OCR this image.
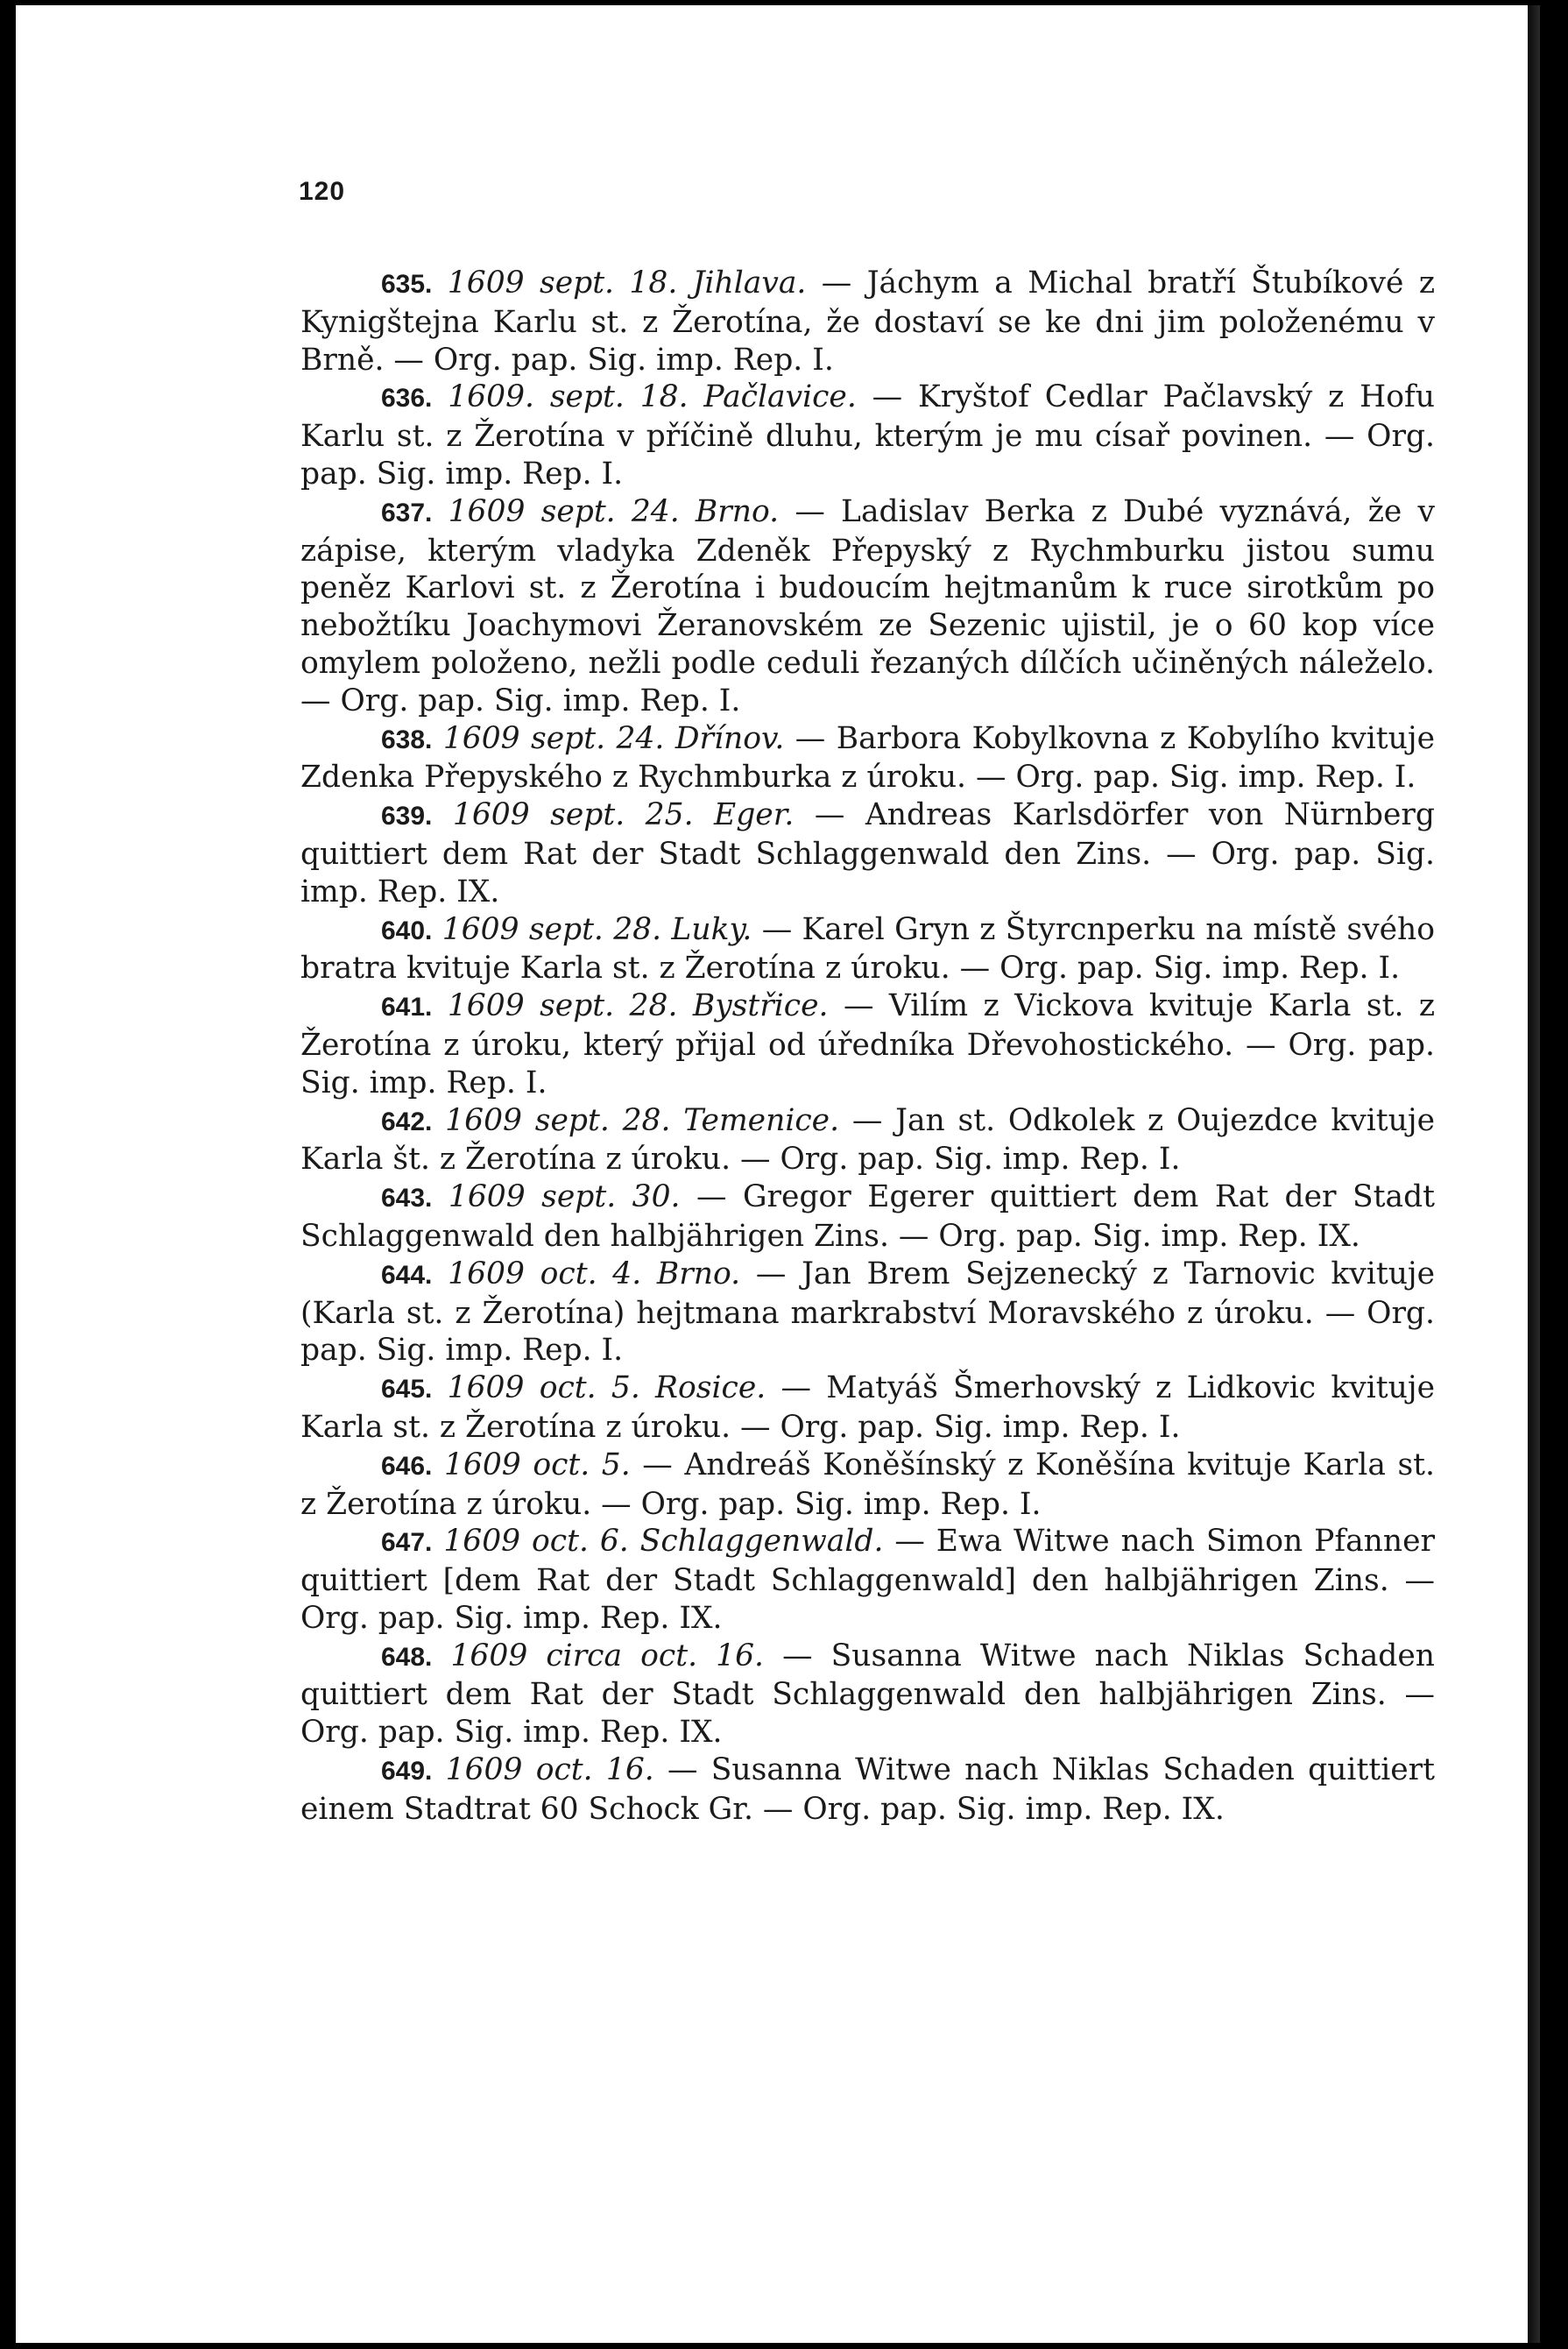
120

635. 1609 sept. 18. Jihlava. — Jáchym a Michal bratří Štubíkové z Kynigštejna Karlu st. z Žerotína, že dostaví se ke dni jim položenému v Brně. — Org. pap. Sig. imp. Rep. I.

636. 1609. sept. 18. Pačlavice. — Kryštof Cedlar Pačlavský z Hofu Karlu st. z Žerotína v příčině dluhu, kterým je mu císař povinen. — Org. pap. Sig. imp. Rep. I.

637. 1609 sept. 24. Brno. — Ladislav Berka z Dubé vyznává, že v zápise, kterým vladyka Zdeněk Přepyský z Rychmburku jistou sumu peněz Karlovi st. z Žerotína i budoucím hejtmanům k ruce sirotkům po nebožtíku Joachymovi Žeranovském ze Sezenic ujistil, je o 60 kop více omylem položeno, nežli podle ceduli řezaných dílčích učiněných náleželo. — Org. pap. Sig. imp. Rep. I.

638. 1609 sept. 24. Dřínov. — Barbora Kobylkovna z Kobylího kvituje Zdenka Přepyského z Rychmburka z úroku. — Org. pap. Sig. imp. Rep. I.

639. 1609 sept. 25. Eger. — Andreas Karlsdörfer von Nürnberg quittiert dem Rat der Stadt Schlaggenwald den Zins. — Org. pap. Sig. imp. Rep. IX.

640. 1609 sept. 28. Luky. — Karel Gryn z Štyrcnperku na místě svého bratra kvituje Karla st. z Žerotína z úroku. — Org. pap. Sig. imp. Rep. I.

641. 1609 sept. 28. Bystřice. — Vilím z Vickova kvituje Karla st. z Žerotína z úroku, který přijal od úředníka Dřevohostického. — Org. pap. Sig. imp. Rep. I.

642. 1609 sept. 28. Temenice. — Jan st. Odkolek z Oujezdce kvituje Karla št. z Žerotína z úroku. — Org. pap. Sig. imp. Rep. I.

643. 1609 sept. 30. — Gregor Egerer quittiert dem Rat der Stadt Schlaggenwald den halbjährigen Zins. — Org. pap. Sig. imp. Rep. IX.

644. 1609 oct. 4. Brno. — Jan Brem Sejzenecký z Tarnovic kvituje (Karla st. z Žerotína) hejtmana markrabství Moravského z úroku. — Org. pap. Sig. imp. Rep. I.

645. 1609 oct. 5. Rosice. — Matyáš Šmerhovský z Lidkovic kvituje Karla st. z Žerotína z úroku. — Org. pap. Sig. imp. Rep. I.

646. 1609 oct. 5. — Andreáš Koněšínský z Koněšína kvituje Karla st. z Žerotína z úroku. — Org. pap. Sig. imp. Rep. I.

647. 1609 oct. 6. Schlaggenwald. — Ewa Witwe nach Simon Pfanner quittiert [dem Rat der Stadt Schlaggenwald] den halbjährigen Zins. — Org. pap. Sig. imp. Rep. IX.

648. 1609 circa oct. 16. — Susanna Witwe nach Niklas Schaden quittiert dem Rat der Stadt Schlaggenwald den halbjährigen Zins. — Org. pap. Sig. imp. Rep. IX.

649. 1609 oct. 16. — Susanna Witwe nach Niklas Schaden quittiert einem Stadtrat 60 Schock Gr. — Org. pap. Sig. imp. Rep. IX.
